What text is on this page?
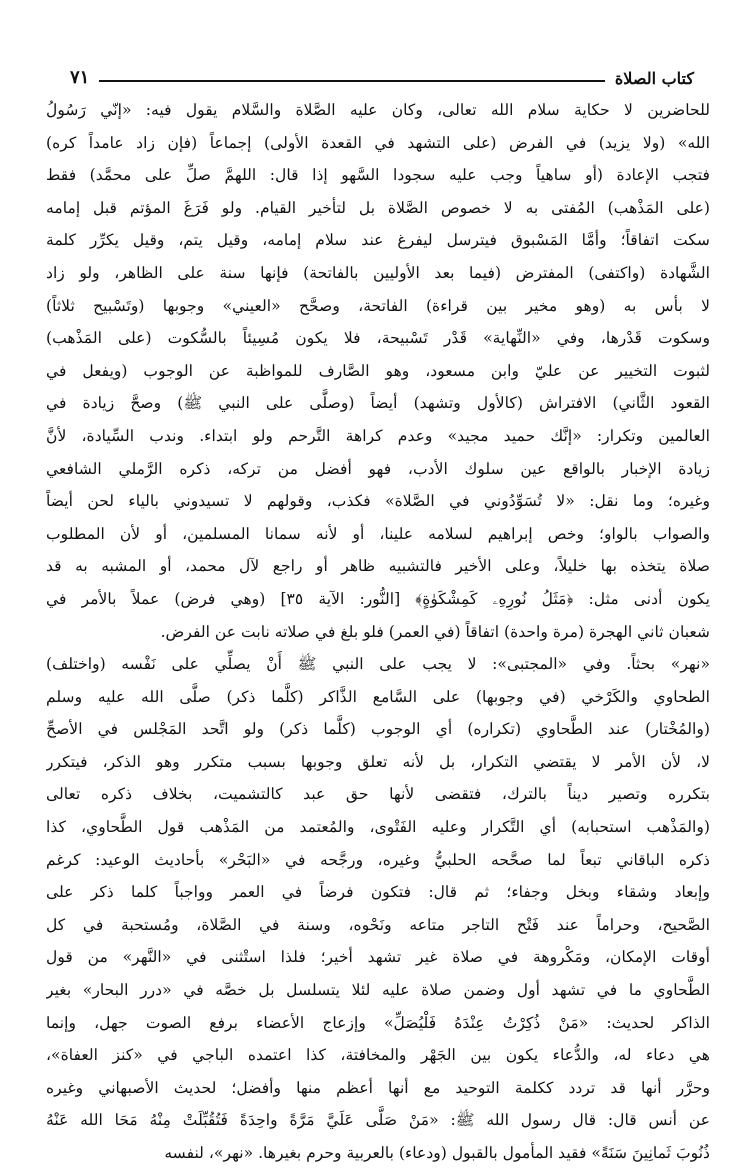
كتاب الصلاة
٧١
للحاضرين لا حكاية سلام الله تعالى، وكان عليه الصَّلاة والسَّلام يقول فيه: «إنّي رَسُولُ
الله» (ولا يزيد) في الفرض (على التشهد في القعدة الأولى) إجماعاً (فإن زاد عامداً كره)
فتجب الإعادة (أو ساهياً وجب عليه سجودا السَّهو إذا قال: اللهمَّ صلِّ على محمَّد) فقط
(على المَذْهب) المُفتى به لا خصوص الصَّلاة بل لتأخير القيام. ولو فَرَغَ المؤتم قبل إمامه
سكت اتفاقاً؛ وأمَّا المَسْبوق فيترسل ليفرغ عند سلام إمامه، وقيل يتم، وقيل يكرِّر كلمة
الشَّهادة (واكتفى) المفترض (فيما بعد الأوليين بالفاتحة) فإنها سنة على الظاهر، ولو زاد
لا بأس به (وهو مخير بين قراءة) الفاتحة، وصحَّح «العيني» وجوبها (وتَسْبيح ثلاثاً)
وسكوت قَدْرها، وفي «النِّهاية» قَدْر تَسْبيحة، فلا يكون مُسِيئاً بالسُّكوت (على المَذْهب)
لثبوت التخيير عن عليّ وابن مسعود، وهو الصَّارف للمواظبة عن الوجوب (ويفعل في
القعود الثَّاني) الافتراش (كالأول وتشهد) أيضاً (وصلَّى على النبي ﷺ) وصحَّ زيادة في
العالمين وتكرار: «إنَّك حميد مجيد» وعدم كراهة التَّرحم ولو ابتداء. وندب السِّيادة، لأنَّ
زيادة الإخبار بالواقع عين سلوك الأدب، فهو أفضل من تركه، ذكره الرَّملي الشافعي
وغيره؛ وما نقل: «لا تُسَوِّدُوني في الصَّلاة» فكذب، وقولهم لا تسيدوني بالياء لحن أيضاً
والصواب بالواو؛ وخص إبراهيم لسلامه علينا، أو لأنه سمانا المسلمين، أو لأن المطلوب
صلاة يتخذه بها خليلاً، وعلى الأخير فالتشبيه ظاهر أو راجع لآل محمد، أو المشبه به قد
يكون أدنى مثل: ﴿مَثَلُ نُورِهِۦ كَمِشْكَوٰةٍ﴾ [النُّور: الآية ٣٥] (وهي فرض) عملاً بالأمر في
شعبان ثاني الهجرة (مرة واحدة) اتفاقاً (في العمر) فلو بلغ في صلاته نابت عن الفرض.
«نهر» بحثاً. وفي «المجتبى»: لا يجب على النبي ﷺ أَنْ يصلِّي على نَفْسه (واختلف)
الطحاوي والكَرْخي (في وجوبها) على السَّامع الذَّاكر (كلَّما ذكر) صلَّى الله عليه وسلم
(والمُخْتار) عند الطَّحاوي (تكراره) أي الوجوب (كلَّما ذكر) ولو اتَّحد المَجْلس في الأصحِّ
لا، لأن الأمر لا يقتضي التكرار، بل لأنه تعلق وجوبها بسبب متكرر وهو الذكر، فيتكرر
بتكرره وتصير ديناً بالترك، فتقضى لأنها حق عبد كالتشميت، بخلاف ذكره تعالى
(والمَذْهب استحبابه) أي التَّكرار وعليه الفَتْوى، والمُعتمد من المَذْهب قول الطَّحاوي، كذا
ذكره الباقاني تبعاً لما صحَّحه الحلبيُّ وغيره، ورجَّحه في «البَحْر» بأحاديث الوعيد: كرغم
وإبعاد وشقاء وبخل وجفاء؛ ثم قال: فتكون فرضاً في العمر وواجباً كلما ذكر على
الصَّحيح، وحراماً عند فَتْح التاجر متاعه ونَحْوه، وسنة في الصَّلاة، ومُستحبة في كل
أوقات الإمكان، ومَكْروهة في صلاة غير تشهد أخير؛ فلذا استْثنى في «النَّهر» من قول
الطَّحاوي ما في تشهد أول وضمن صلاة عليه لئلا يتسلسل بل خصَّه في «درر البحار» بغير
الذاكر لحديث: «مَنْ ذُكِرْتُ عِنْدَهُ فَلْيُصَلِّ» وإزعاج الأعضاء برفع الصوت جهل، وإنما
هي دعاء له، والدُّعاء يكون بين الجَهْر والمخافتة، كذا اعتمده الباجي في «كنز العفاة»،
وحرَّر أنها قد تردد ككلمة التوحيد مع أنها أعظم منها وأفضل؛ لحديث الأصبهاني وغيره
عن أنس قال: قال رسول الله ﷺ: «مَنْ صَلَّى عَلَيَّ مَرَّةً واحِدَةً فَتُقُبِّلَتْ مِنْهُ مَحَا الله عَنْهُ
ذُنُوبَ ثَمانِينَ سَنَةً» فقيد المأمول بالقبول (ودعاء) بالعربية وحرم بغيرها. «نهر»، لنفسه
